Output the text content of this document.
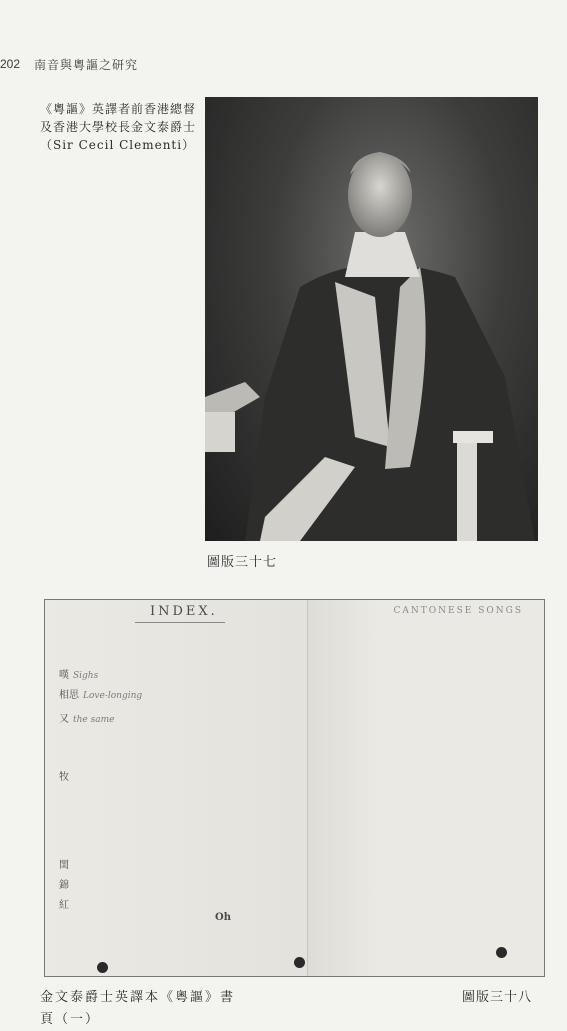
202 南音與粵謳之研究
《粵謳》英譯者前香港總督及香港大學校長金文泰爵士（Sir Cecil Clementi）
圖版三十七
INDEX.
嘆 Sighs
相思 Love-longing
又 the same
牧
閨
錦
紅
Oh
CANTONESE SONGS
金文泰爵士英譯本《粵謳》書頁（一）
圖版三十八
